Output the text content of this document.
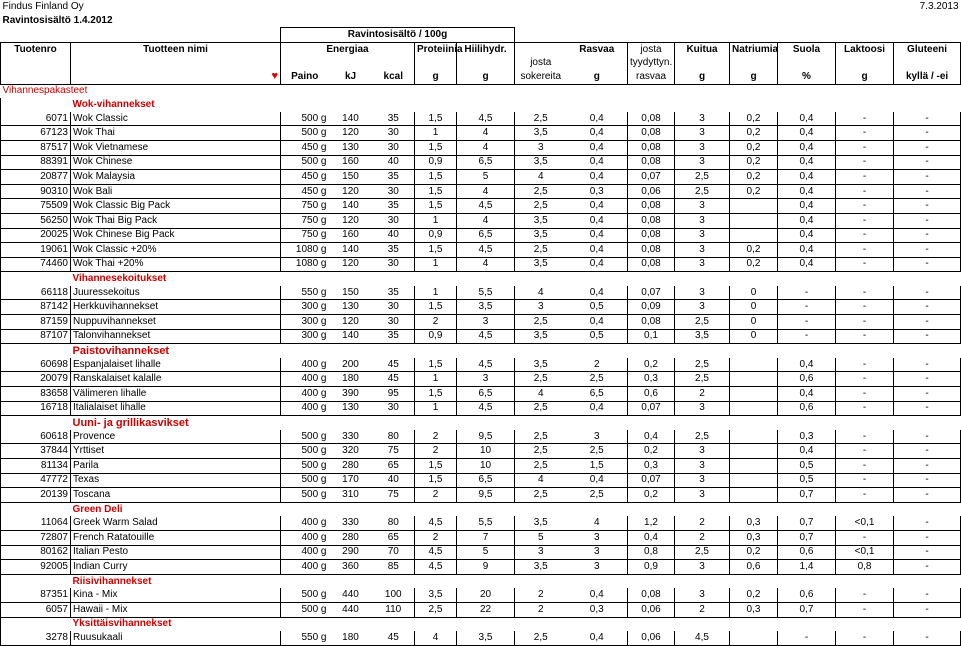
Findus Finland Oy														7.3.2013
Ravintosisältö 1.4.2012														
		Ravintosisältö / 100g												
Tuotenro	Tuotteen nimi	Energiaa			Proteiinia	Hiilihydr.		Rasvaa	josta	Kuitua	Natriumia	Suola	Laktoosi	Gluteeni
							josta		tyydyttyn.					
	♥	Paino	kJ	kcal	g	g	sokereita	g	rasvaa	g	g	%	g	kyllä / -ei
Vihannespakasteet														
	Wok-vihannekset													
6071	Wok Classic	500 g	140	35	1,5	4,5	2,5	0,4	0,08	3	0,2	0,4	-	-
67123	Wok Thai	500 g	120	30	1	4	3,5	0,4	0,08	3	0,2	0,4	-	-
87517	Wok Vietnamese	450 g	130	30	1,5	4	3	0,4	0,08	3	0,2	0,4	-	-
88391	Wok Chinese	500 g	160	40	0,9	6,5	3,5	0,4	0,08	3	0,2	0,4	-	-
20877	Wok Malaysia	450 g	150	35	1,5	5	4	0,4	0,07	2,5	0,2	0,4	-	-
90310	Wok Bali	450 g	120	30	1,5	4	2,5	0,3	0,06	2,5	0,2	0,4	-	-
75509	Wok Classic Big Pack	750 g	140	35	1,5	4,5	2,5	0,4	0,08	3		0,4	-	-
56250	Wok Thai Big Pack	750 g	120	30	1	4	3,5	0,4	0,08	3		0,4	-	-
20025	Wok Chinese Big Pack	750 g	160	40	0,9	6,5	3,5	0,4	0,08	3		0,4	-	-
19061	Wok Classic +20%	1080 g	140	35	1,5	4,5	2,5	0,4	0,08	3	0,2	0,4	-	-
74460	Wok Thai +20%	1080 g	120	30	1	4	3,5	0,4	0,08	3	0,2	0,4	-	-
	Vihannesekoitukset													
66118	Juuressekoitus	550 g	150	35	1	5,5	4	0,4	0,07	3	0	-	-	-
87142	Herkkuvihannekset	300 g	130	30	1,5	3,5	3	0,5	0,09	3	0	-	-	-
87159	Nuppuvihannekset	300 g	120	30	2	3	2,5	0,4	0,08	2,5	0	-	-	-
87107	Talonvihannekset	300 g	140	35	0,9	4,5	3,5	0,5	0,1	3,5	0	-	-	-
	Paistovihannekset													
60698	Espanjalaiset lihalle	400 g	200	45	1,5	4,5	3,5	2	0,2	2,5		0,4	-	-
20079	Ranskalaiset kalalle	400 g	180	45	1	3	2,5	2,5	0,3	2,5		0,6	-	-
83658	Välimeren lihalle	400 g	390	95	1,5	6,5	4	6,5	0,6	2		0,4	-	-
16718	Italialaiset lihalle	400 g	130	30	1	4,5	2,5	0,4	0,07	3		0,6	-	-
	Uuni- ja grillikasvikset													
60618	Provence	500 g	330	80	2	9,5	2,5	3	0,4	2,5		0,3	-	-
37844	Yrttiset	500 g	320	75	2	10	2,5	2,5	0,2	3		0,4	-	-
81134	Parila	500 g	280	65	1,5	10	2,5	1,5	0,3	3		0,5	-	-
47772	Texas	500 g	170	40	1,5	6,5	4	0,4	0,07	3		0,5	-	-
20139	Toscana	500 g	310	75	2	9,5	2,5	2,5	0,2	3		0,7	-	-
	Green Deli													
11064	Greek Warm Salad	400 g	330	80	4,5	5,5	3,5	4	1,2	2	0,3	0,7	<0,1	-
72807	French Ratatouille	400 g	280	65	2	7	5	3	0,4	2	0,3	0,7	-	-
80162	Italian Pesto	400 g	290	70	4,5	5	3	3	0,8	2,5	0,2	0,6	<0,1	-
92005	Indian Curry	400 g	360	85	4,5	9	3,5	3	0,9	3	0,6	1,4	0,8	-
	Riisivihannekset													
87351	Kina - Mix	500 g	440	100	3,5	20	2	0,4	0,08	3	0,2	0,6	-	-
6057	Hawaii - Mix	500 g	440	110	2,5	22	2	0,3	0,06	2	0,3	0,7	-	-
	Yksittäisvihannekset													
3278	Ruusukaali	550 g	180	45	4	3,5	2,5	0,4	0,06	4,5		-	-	-
